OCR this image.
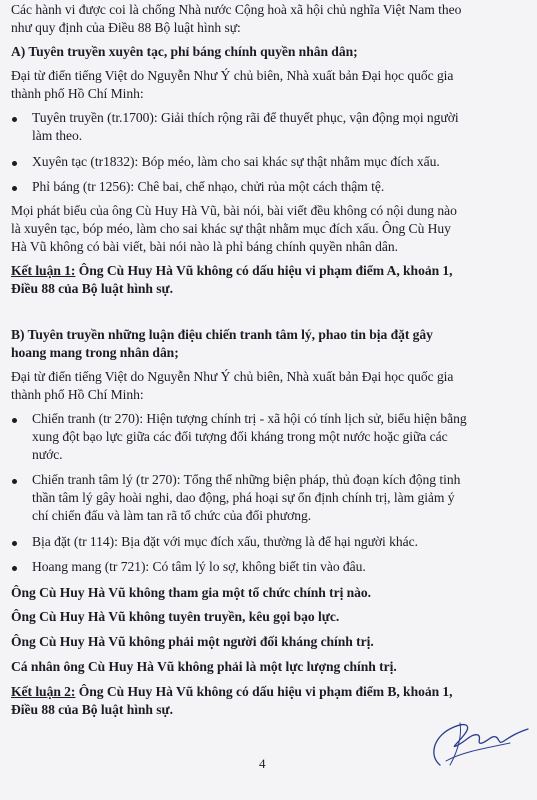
Các hành vi được coi là chống Nhà nước Cộng hoà xã hội chủ nghĩa Việt Nam theo
như quy định của Điều 88 Bộ luật hình sự:
A) Tuyên truyền xuyên tạc, phỉ báng chính quyền nhân dân;
Đại từ điển tiếng Việt do Nguyễn Như Ý chủ biên, Nhà xuất bản Đại học quốc gia
thành phố Hồ Chí Minh:
Tuyên truyền (tr.1700): Giải thích rộng rãi để thuyết phục, vận động mọi người
làm theo.
Xuyên tạc (tr1832): Bóp méo, làm cho sai khác sự thật nhằm mục đích xấu.
Phỉ báng (tr 1256): Chê bai, chế nhạo, chửi rủa một cách thậm tệ.
Mọi phát biểu của ông Cù Huy Hà Vũ, bài nói, bài viết đều không có nội dung nào
là xuyên tạc, bóp méo, làm cho sai khác sự thật nhằm mục đích xấu. Ông Cù Huy
Hà Vũ không có bài viết, bài nói nào là phỉ báng chính quyền nhân dân.
Kết luận 1: Ông Cù Huy Hà Vũ không có dấu hiệu vi phạm điểm A, khoản 1,
Điều 88 của Bộ luật hình sự.
B) Tuyên truyền những luận điệu chiến tranh tâm lý, phao tin bịa đặt gây
hoang mang trong nhân dân;
Đại từ điển tiếng Việt do Nguyễn Như Ý chủ biên, Nhà xuất bản Đại học quốc gia
thành phố Hồ Chí Minh:
Chiến tranh (tr 270): Hiện tượng chính trị - xã hội có tính lịch sử, biểu hiện bằng
xung đột bạo lực giữa các đối tượng đối kháng trong một nước hoặc giữa các
nước.
Chiến tranh tâm lý (tr 270): Tổng thể những biện pháp, thủ đoạn kích động tinh
thần tâm lý gây hoài nghi, dao động, phá hoại sự ổn định chính trị, làm giảm ý
chí chiến đấu và làm tan rã tổ chức của đối phương.
Bịa đặt (tr 114): Bịa đặt với mục đích xấu, thường là để hại người khác.
Hoang mang (tr 721): Có tâm lý lo sợ, không biết tin vào đâu.
Ông Cù Huy Hà Vũ không tham gia một tổ chức chính trị nào.
Ông Cù Huy Hà Vũ không tuyên truyền, kêu gọi bạo lực.
Ông Cù Huy Hà Vũ không phải một người đối kháng chính trị.
Cá nhân ông Cù Huy Hà Vũ không phải là một lực lượng chính trị.
Kết luận 2: Ông Cù Huy Hà Vũ không có dấu hiệu vi phạm điểm B, khoản 1,
Điều 88 của Bộ luật hình sự.
4
